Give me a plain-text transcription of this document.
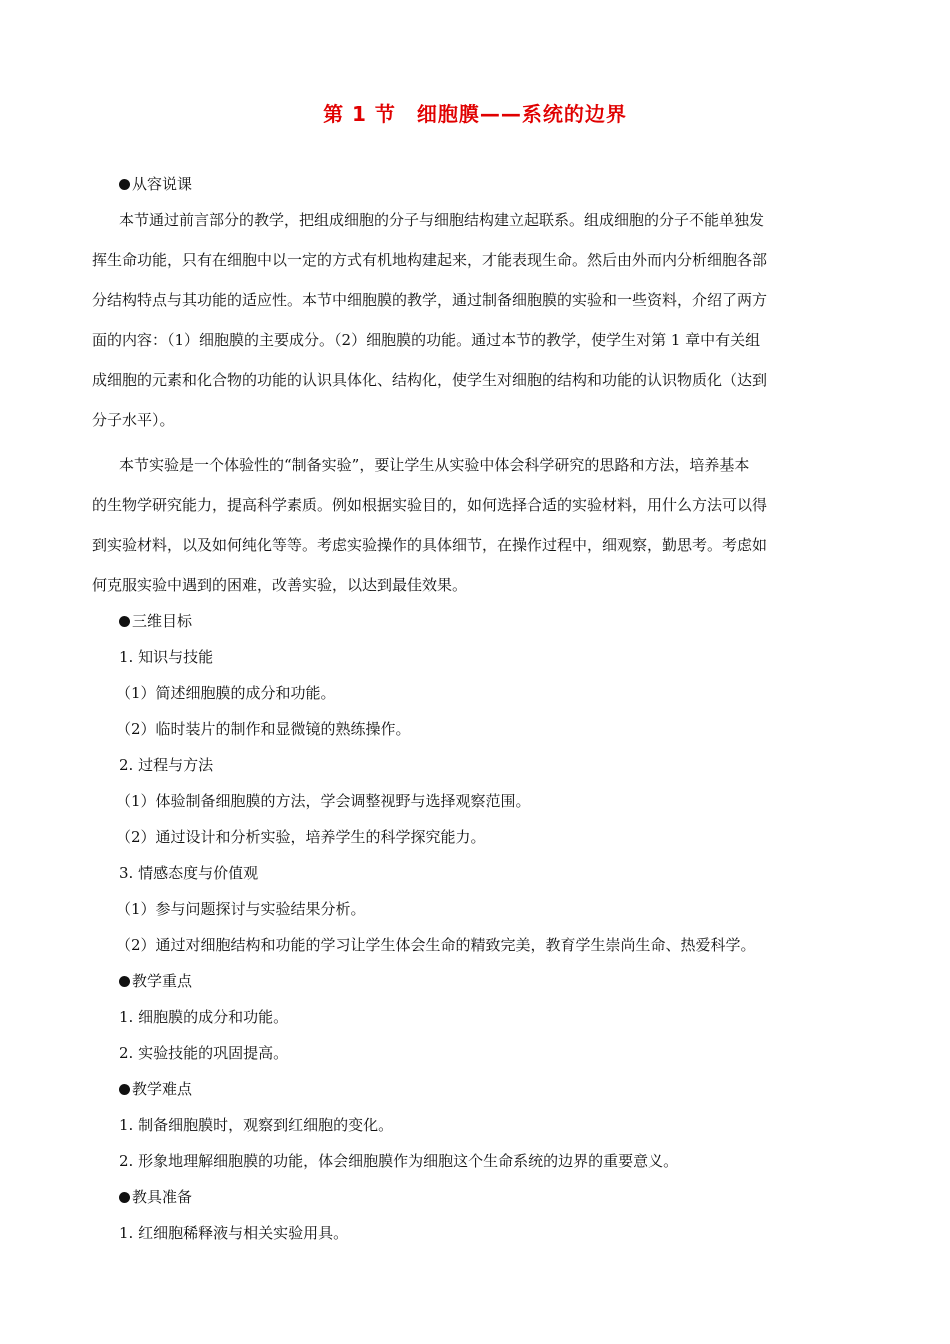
第 1 节　细胞膜——系统的边界
从容说课
本节通过前言部分的教学，把组成细胞的分子与细胞结构建立起联系。组成细胞的分子不能单独发
挥生命功能，只有在细胞中以一定的方式有机地构建起来，才能表现生命。然后由外而内分析细胞各部
分结构特点与其功能的适应性。本节中细胞膜的教学，通过制备细胞膜的实验和一些资料，介绍了两方
面的内容：（1）细胞膜的主要成分。（2）细胞膜的功能。通过本节的教学，使学生对第 1 章中有关组
成细胞的元素和化合物的功能的认识具体化、结构化，使学生对细胞的结构和功能的认识物质化（达到
分子水平）。
本节实验是一个体验性的“制备实验”，要让学生从实验中体会科学研究的思路和方法，培养基本
的生物学研究能力，提高科学素质。例如根据实验目的，如何选择合适的实验材料，用什么方法可以得
到实验材料，以及如何纯化等等。考虑实验操作的具体细节，在操作过程中，细观察，勤思考。考虑如
何克服实验中遇到的困难，改善实验，以达到最佳效果。
三维目标
1. 知识与技能
（1）简述细胞膜的成分和功能。
（2）临时装片的制作和显微镜的熟练操作。
2. 过程与方法
（1）体验制备细胞膜的方法，学会调整视野与选择观察范围。
（2）通过设计和分析实验，培养学生的科学探究能力。
3. 情感态度与价值观
（1）参与问题探讨与实验结果分析。
（2）通过对细胞结构和功能的学习让学生体会生命的精致完美，教育学生崇尚生命、热爱科学。
教学重点
1. 细胞膜的成分和功能。
2. 实验技能的巩固提高。
教学难点
1. 制备细胞膜时，观察到红细胞的变化。
2. 形象地理解细胞膜的功能，体会细胞膜作为细胞这个生命系统的边界的重要意义。
教具准备
1. 红细胞稀释液与相关实验用具。
